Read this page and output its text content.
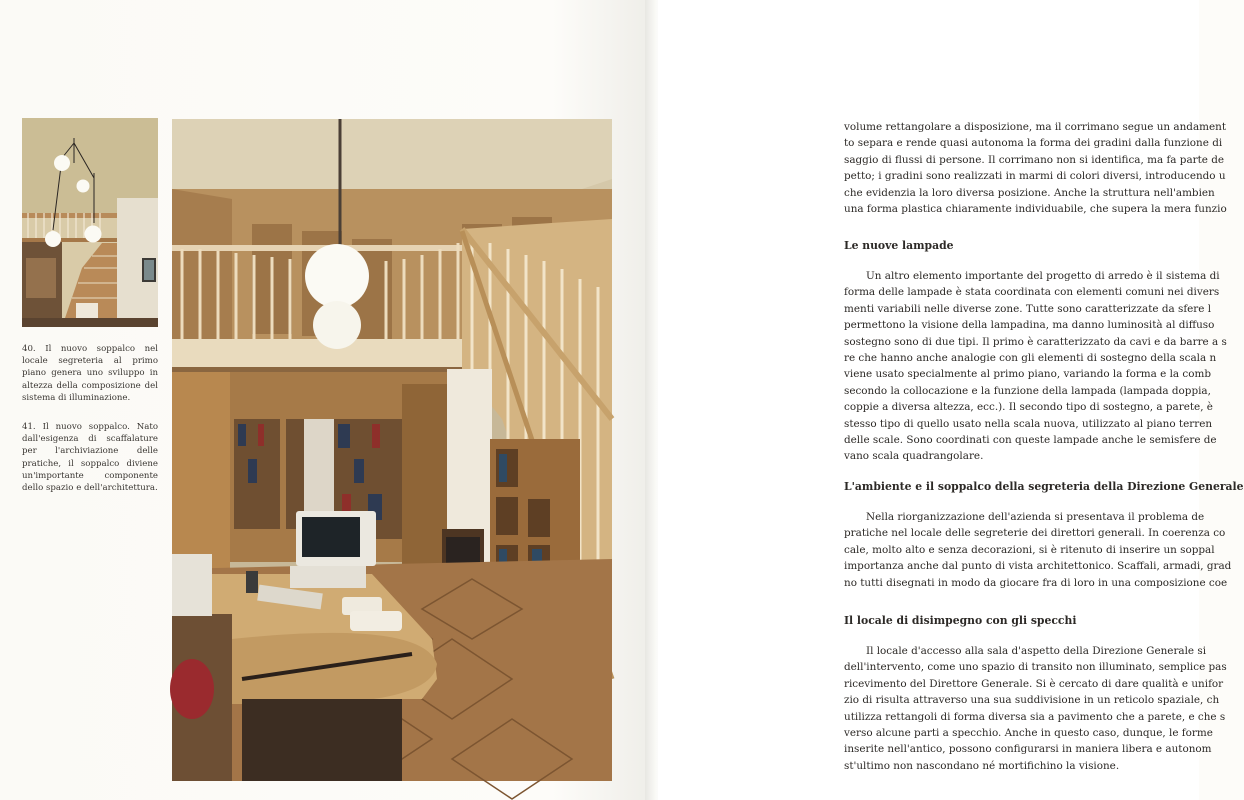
40. Il nuovo soppalco nel locale segreteria al primo piano genera uno sviluppo in altezza della composizione del sistema di illuminazione.
41. Il nuovo soppalco. Nato dall'esigenza di scaffalature per l'archiviazione delle pratiche, il soppalco diviene un'importante componente dello spazio e dell'architettura.

volume rettangolare a disposizione, ma il corrimano segue un andament

to separa e rende quasi autonoma la forma dei gradini dalla funzione di

saggio di flussi di persone. Il corrimano non si identifica, ma fa parte de

petto; i gradini sono realizzati in marmi di colori diversi, introducendo u

che evidenzia la loro diversa posizione. Anche la struttura nell'ambien

una forma plastica chiaramente individuabile, che supera la mera funzio

Le nuove lampade

Un altro elemento importante del progetto di arredo è il sistema di

forma delle lampade è stata coordinata con elementi comuni nei divers

menti variabili nelle diverse zone. Tutte sono caratterizzate da sfere l

permettono la visione della lampadina, ma danno luminosità al diffuso

sostegno sono di due tipi. Il primo è caratterizzato da cavi e da barre a s

re che hanno anche analogie con gli elementi di sostegno della scala n

viene usato specialmente al primo piano, variando la forma e la comb

secondo la collocazione e la funzione della lampada (lampada doppia,

coppie a diversa altezza, ecc.). Il secondo tipo di sostegno, a parete, è

stesso tipo di quello usato nella scala nuova, utilizzato al piano terren

delle scale. Sono coordinati con queste lampade anche le semisfere de

vano scala quadrangolare.

L'ambiente e il soppalco della segreteria della Direzione Generale

Nella riorganizzazione dell'azienda si presentava il problema de

pratiche nel locale delle segreterie dei direttori generali. In coerenza co

cale, molto alto e senza decorazioni, si è ritenuto di inserire un soppal

importanza anche dal punto di vista architettonico. Scaffali, armadi, grad

no tutti disegnati in modo da giocare fra di loro in una composizione coe

Il locale di disimpegno con gli specchi

Il locale d'accesso alla sala d'aspetto della Direzione Generale si

dell'intervento, come uno spazio di transito non illuminato, semplice pas

ricevimento del Direttore Generale. Si è cercato di dare qualità e unifor

zio di risulta attraverso una sua suddivisione in un reticolo spaziale, ch

utilizza rettangoli di forma diversa sia a pavimento che a parete, e che s

verso alcune parti a specchio. Anche in questo caso, dunque, le forme

inserite nell'antico, possono configurarsi in maniera libera e autonom

st'ultimo non nascondano né mortifichino la visione.
